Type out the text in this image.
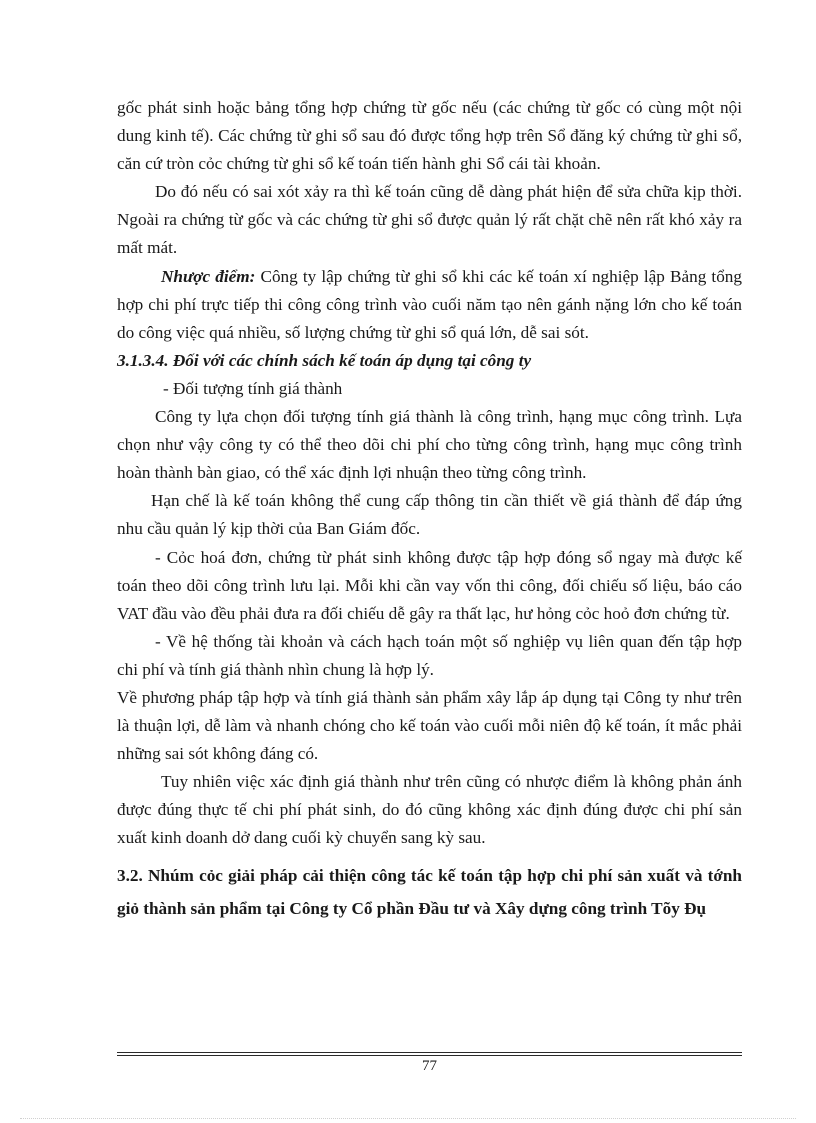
gốc phát sinh hoặc bảng tổng hợp chứng từ gốc nếu (các chứng từ gốc có cùng một nội dung kinh tế). Các chứng từ ghi sổ sau đó được tổng hợp trên Sổ đăng ký chứng từ ghi sổ, căn cứ tròn cỏc chứng từ ghi sổ kế toán tiến hành ghi Sổ cái tài khoản.

Do đó nếu có sai xót xảy ra thì kế toán cũng dễ dàng phát hiện để sửa chữa kịp thời. Ngoài ra chứng từ gốc và các chứng từ ghi sổ được quản lý rất chặt chẽ nên rất khó xảy ra mất mát.

Nhược điểm: Công ty lập chứng từ ghi sổ khi các kế toán xí nghiệp lập Bảng tổng hợp chi phí trực tiếp thi công công trình vào cuối năm tạo nên gánh nặng lớn cho kế toán do công việc quá nhiều, số lượng chứng từ ghi sổ quá lớn, dễ sai sót.

3.1.3.4. Đối với các chính sách kế toán áp dụng tại công ty

- Đối tượng tính giá thành

Công ty lựa chọn đối tượng tính giá thành là công trình, hạng mục công trình. Lựa chọn như vậy công ty có thể theo dõi chi phí cho từng công trình, hạng mục công trình hoàn thành bàn giao, có thể xác định lợi nhuận theo từng công trình.

Hạn chế là kế toán không thể cung cấp thông tin cần thiết về giá thành để đáp ứng nhu cầu quản lý kịp thời của Ban Giám đốc.

- Cỏc hoá đơn, chứng từ phát sinh không được tập hợp đóng sổ ngay mà được kế toán theo dõi công trình lưu lại. Mỗi khi cần vay vốn thi công, đối chiếu số liệu, báo cáo VAT đầu vào đều phải đưa ra đối chiếu dễ gây ra thất lạc, hư hỏng cỏc hoỏ đơn chứng từ.

- Về hệ thống tài khoản và cách hạch toán một số nghiệp vụ liên quan đến tập hợp chi phí và tính giá thành nhìn chung là hợp lý.

Về phương pháp tập hợp và tính giá thành sản phẩm xây lắp áp dụng tại Công ty như trên là thuận lợi, dễ làm và nhanh chóng cho kế toán vào cuối mỗi niên độ kế toán, ít mắc phải những sai sót không đáng có.

Tuy nhiên việc xác định giá thành như trên cũng có nhược điểm là không phản ánh được đúng thực tế chi phí phát sinh, do đó cũng không xác định đúng được chi phí sản xuất kinh doanh dở dang cuối kỳ chuyển sang kỳ sau.

3.2. Nhúm cỏc giải pháp cải thiện công tác kế toán tập hợp chi phí sản xuất và tớnh giỏ thành sản phẩm tại Công ty Cổ phần Đầu tư và Xây dựng công trình Tõy Đụ

77
